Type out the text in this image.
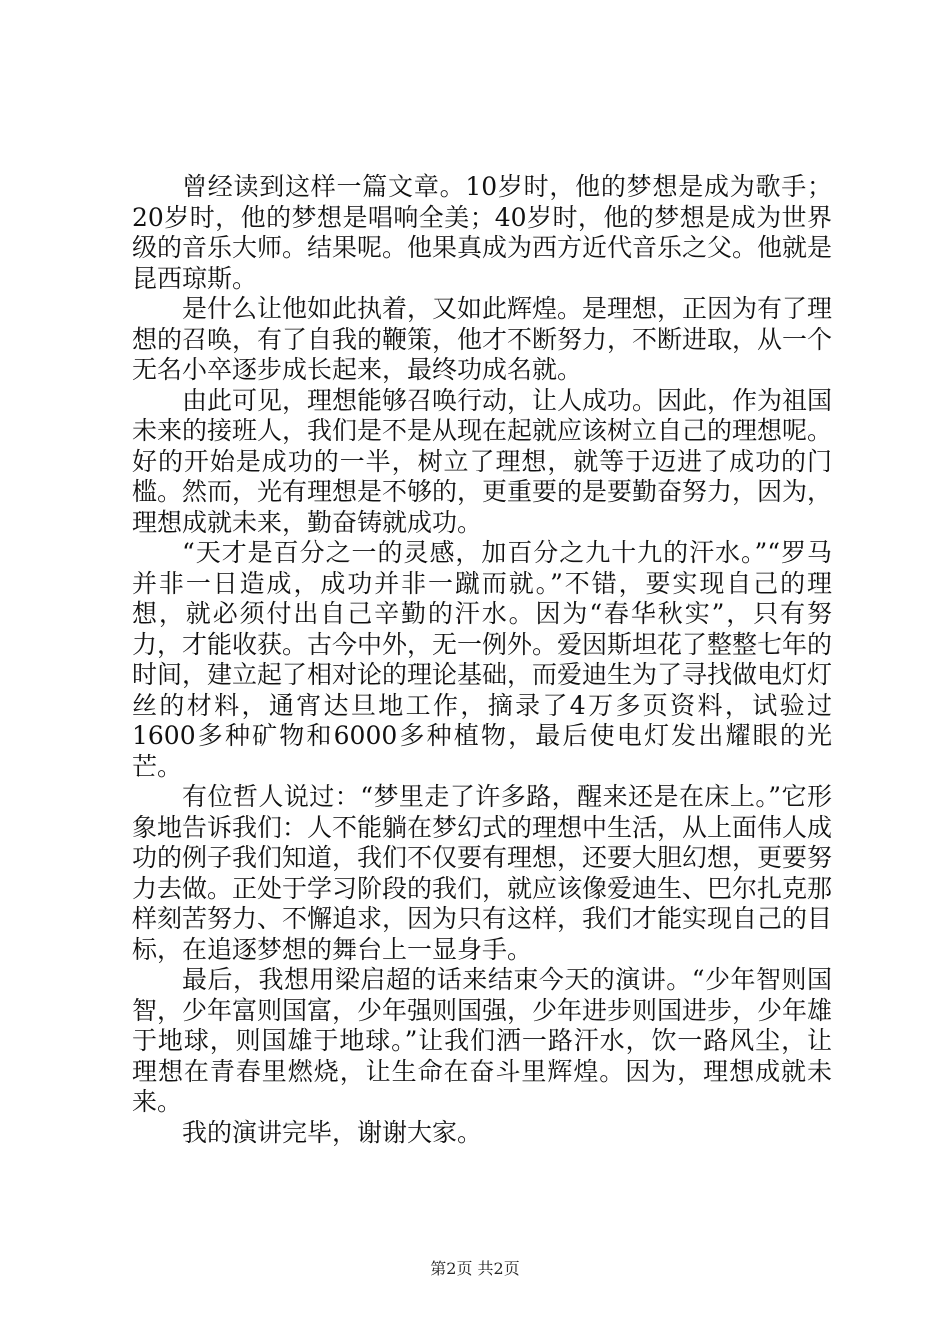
曾经读到这样一篇文章。10岁时，他的梦想是成为歌手；20岁时，他的梦想是唱响全美；40岁时，他的梦想是成为世界级的音乐大师。结果呢。他果真成为西方近代音乐之父。他就是昆西琼斯。

是什么让他如此执着，又如此辉煌。是理想，正因为有了理想的召唤，有了自我的鞭策，他才不断努力，不断进取，从一个无名小卒逐步成长起来，最终功成名就。

由此可见，理想能够召唤行动，让人成功。因此，作为祖国未来的接班人，我们是不是从现在起就应该树立自己的理想呢。好的开始是成功的一半，树立了理想，就等于迈进了成功的门槛。然而，光有理想是不够的，更重要的是要勤奋努力，因为，理想成就未来，勤奋铸就成功。

“天才是百分之一的灵感，加百分之九十九的汗水。”“罗马并非一日造成，成功并非一蹴而就。”不错，要实现自己的理想，就必须付出自己辛勤的汗水。因为“春华秋实”，只有努力，才能收获。古今中外，无一例外。爱因斯坦花了整整七年的时间，建立起了相对论的理论基础，而爱迪生为了寻找做电灯灯丝的材料，通宵达旦地工作，摘录了4万多页资料，试验过1600多种矿物和6000多种植物，最后使电灯发出耀眼的光芒。

有位哲人说过：“梦里走了许多路，醒来还是在床上。”它形象地告诉我们：人不能躺在梦幻式的理想中生活，从上面伟人成功的例子我们知道，我们不仅要有理想，还要大胆幻想，更要努力去做。正处于学习阶段的我们，就应该像爱迪生、巴尔扎克那样刻苦努力、不懈追求，因为只有这样，我们才能实现自己的目标，在追逐梦想的舞台上一显身手。

最后，我想用梁启超的话来结束今天的演讲。“少年智则国智，少年富则国富，少年强则国强，少年进步则国进步，少年雄于地球，则国雄于地球。”让我们洒一路汗水，饮一路风尘，让理想在青春里燃烧，让生命在奋斗里辉煌。因为，理想成就未来。

我的演讲完毕，谢谢大家。

第2页 共2页
